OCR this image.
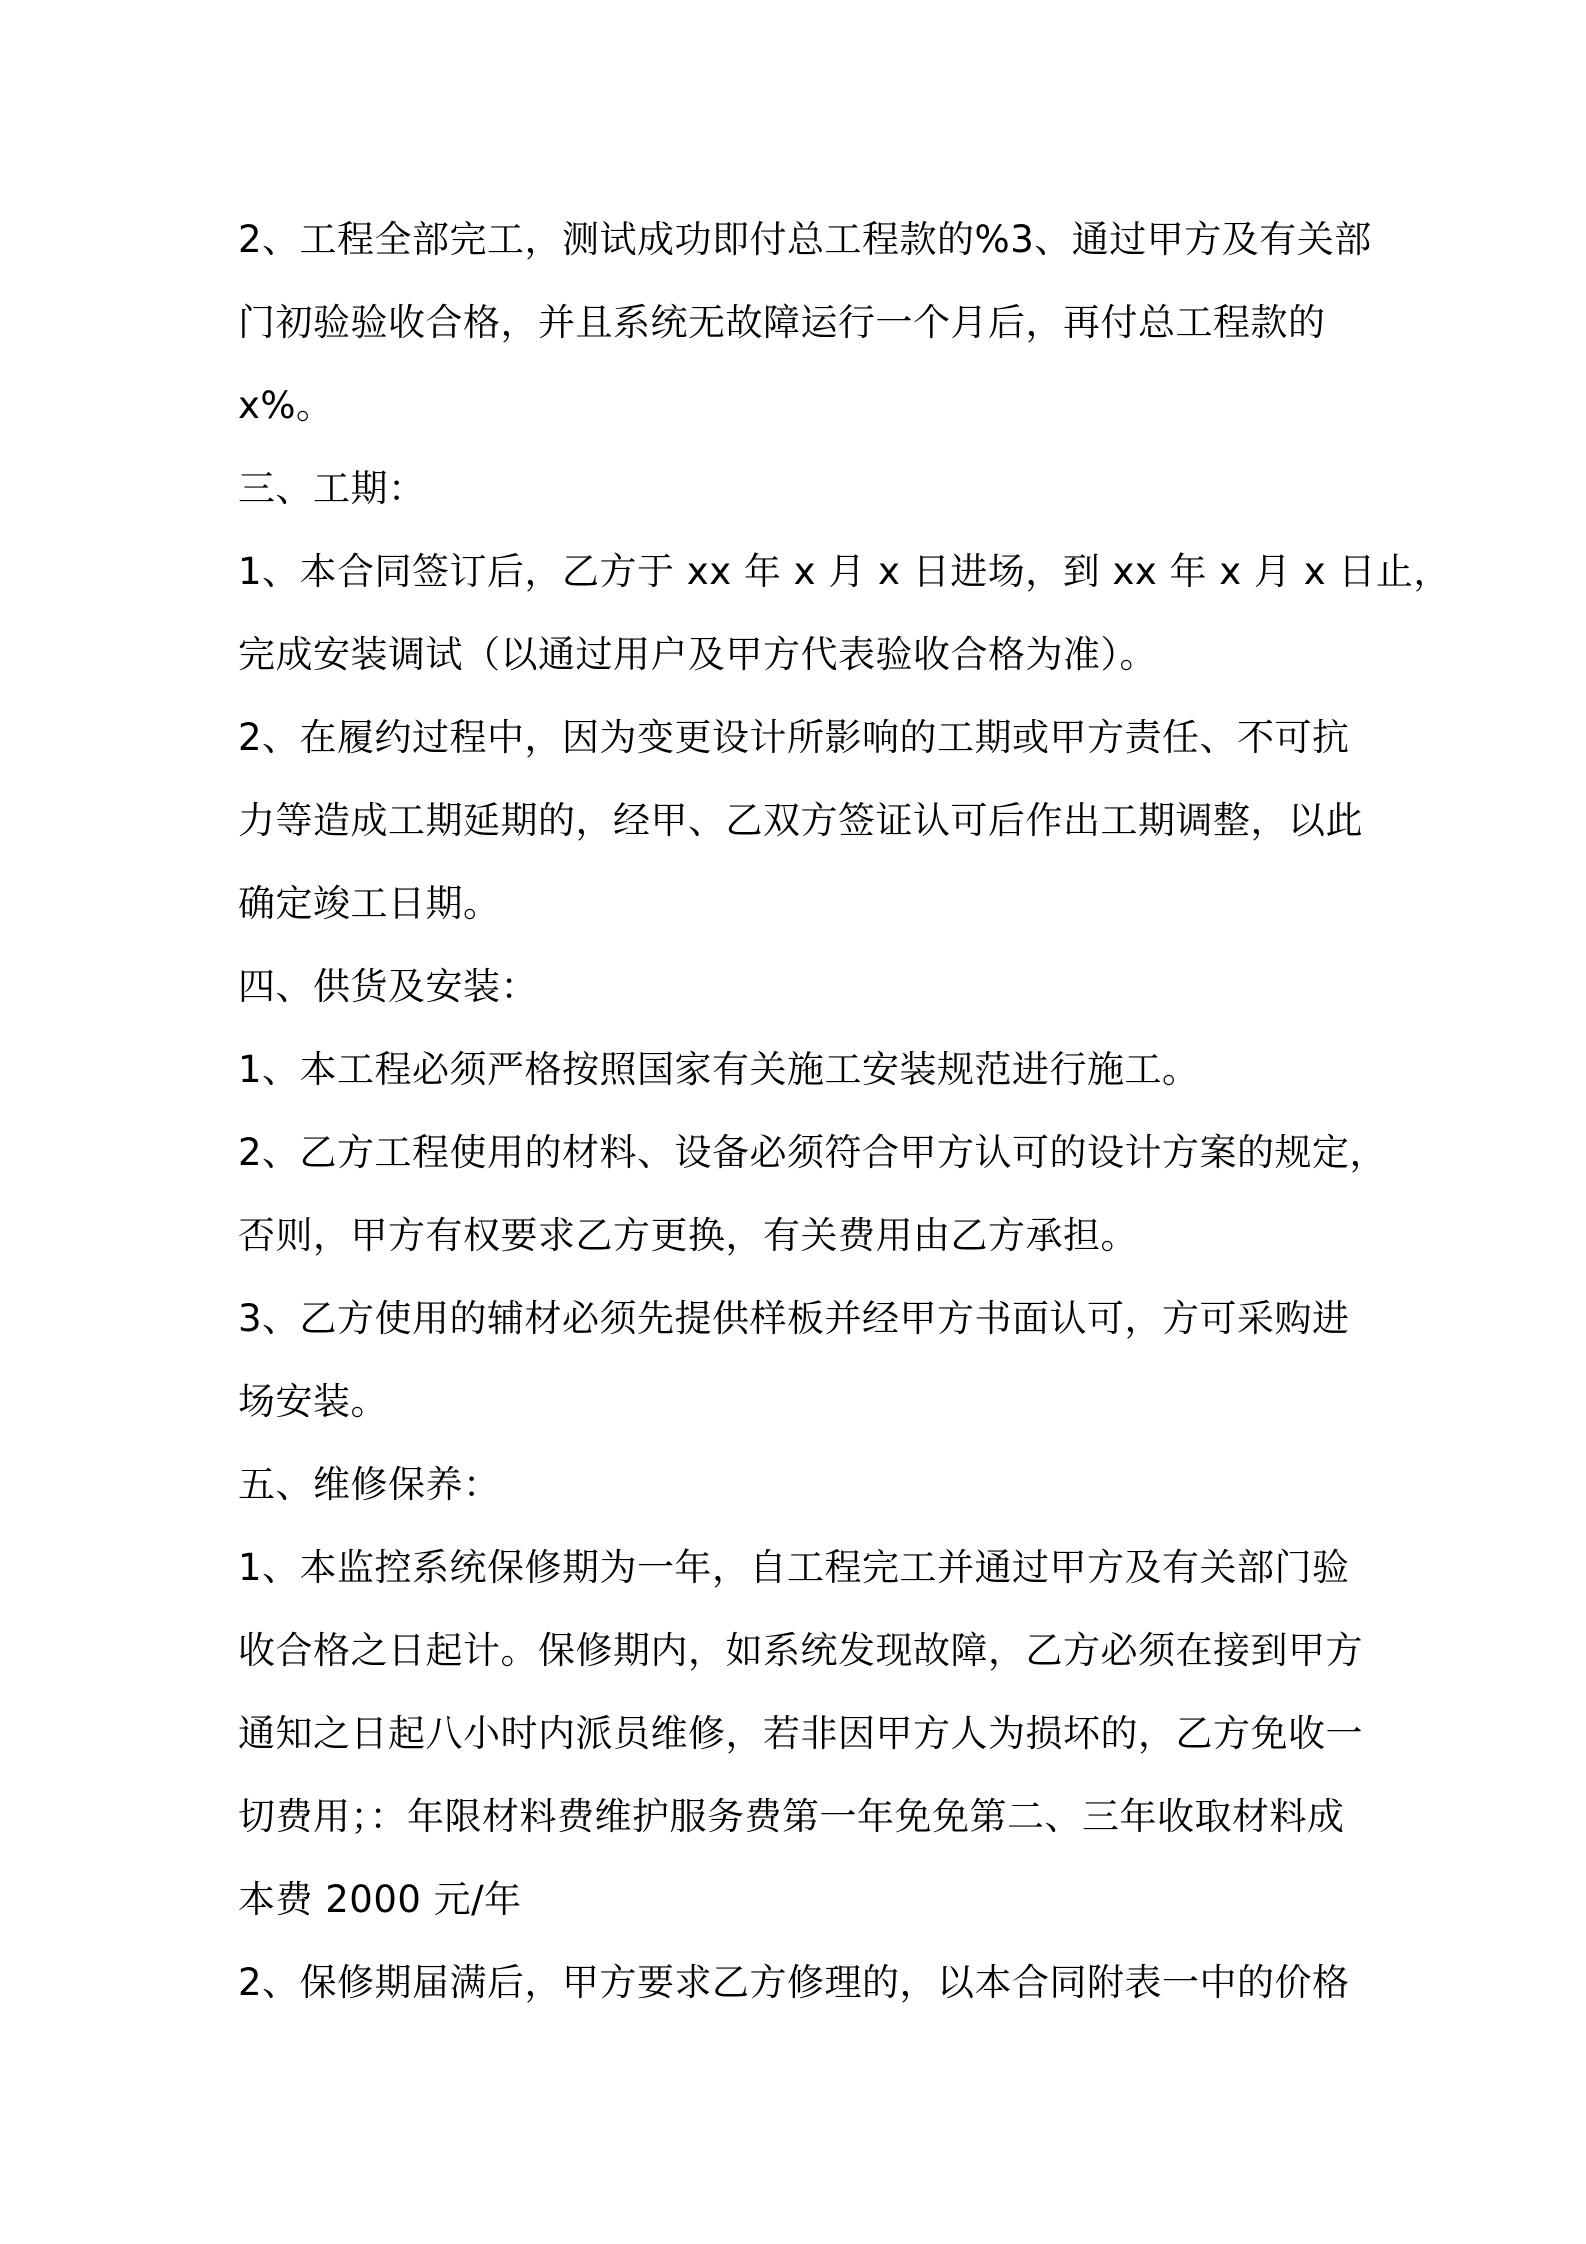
2、工程全部完工，测试成功即付总工程款的%3、通过甲方及有关部
门初验验收合格，并且系统无故障运行一个月后，再付总工程款的
x%。
三、工期：
1、本合同签订后，乙方于 xx 年 x 月 x 日进场，到 xx 年 x 月 x 日止，
完成安装调试（以通过用户及甲方代表验收合格为准）。
2、在履约过程中，因为变更设计所影响的工期或甲方责任、不可抗
力等造成工期延期的，经甲、乙双方签证认可后作出工期调整，以此
确定竣工日期。
四、供货及安装：
1、本工程必须严格按照国家有关施工安装规范进行施工。
2、乙方工程使用的材料、设备必须符合甲方认可的设计方案的规定，
否则，甲方有权要求乙方更换，有关费用由乙方承担。
3、乙方使用的辅材必须先提供样板并经甲方书面认可，方可采购进
场安装。
五、维修保养：
1、本监控系统保修期为一年，自工程完工并通过甲方及有关部门验
收合格之日起计。保修期内，如系统发现故障，乙方必须在接到甲方
通知之日起八小时内派员维修，若非因甲方人为损坏的，乙方免收一
切费用；：年限材料费维护服务费第一年免免第二、三年收取材料成
本费 2000 元/年
2、保修期届满后，甲方要求乙方修理的，以本合同附表一中的价格
